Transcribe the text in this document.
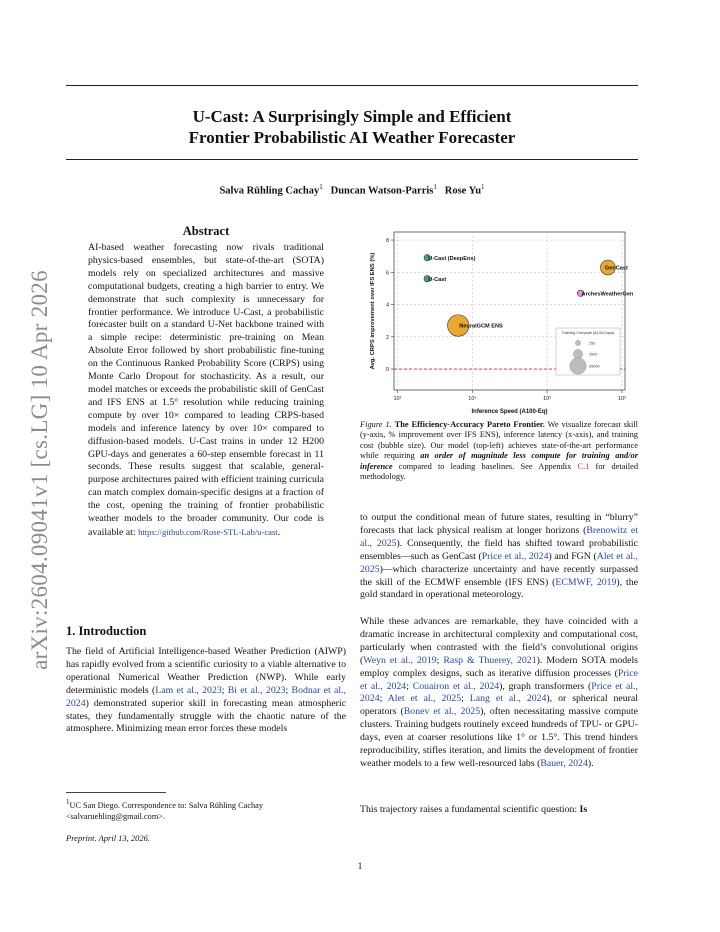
U-Cast: A Surprisingly Simple and Efficient
Frontier Probabilistic AI Weather Forecaster
Salva Rühling Cachay$^1$ Duncan Watson-Parris$^1$ Rose Yu$^1$
arXiv:2604.09041v1 [cs.LG] 10 Apr 2026
Abstract
AI-based weather forecasting now rivals traditional physics-based ensembles, but state-of-the-art (SOTA) models rely on specialized architectures and massive computational budgets, creating a high barrier to entry. We demonstrate that such complexity is unnecessary for frontier performance. We introduce U-Cast, a probabilistic forecaster built on a standard U-Net backbone trained with a simple recipe: deterministic pre-training on Mean Absolute Error followed by short probabilistic fine-tuning on the Continuous Ranked Probability Score (CRPS) using Monte Carlo Dropout for stochasticity. As a result, our model matches or exceeds the probabilistic skill of GenCast and IFS ENS at 1.5° resolution while reducing training compute by over 10× compared to leading CRPS-based models and inference latency by over 10× compared to diffusion-based models. U-Cast trains in under 12 H200 GPU-days and generates a 60-step ensemble forecast in 11 seconds. These results suggest that scalable, general-purpose architectures paired with efficient training curricula can match complex domain-specific designs at a fraction of the cost, opening the training of frontier probabilistic weather models to the broader community. Our code is available at: https://github.com/Rose-STL-Lab/u-cast.
1. Introduction
The field of Artificial Intelligence-based Weather Prediction (AIWP) has rapidly evolved from a scientific curiosity to a viable alternative to operational Numerical Weather Prediction (NWP). While early deterministic models (Lam et al., 2023; Bi et al., 2023; Bodnar et al., 2024) demonstrated superior skill in forecasting mean atmospheric states, they fundamentally struggle with the chaotic nature of the atmosphere. Minimizing mean error forces these models
$^1$UC San Diego. Correspondence to: Salva Rühling Cachay <salvaruehling@gmail.com>.
Preprint. April 13, 2026.
1
10¹	10¹	10²	10³
0
2
4
6
8
Inference Speed (A100-Eq)
Avg. CRPS improvement over IFS ENS (%)	U-Cast (DeepEns)
U-Cast
GenCast
ArchesWeatherGen
NeuralGCM ENS
Training Compute (A100-Days)
250
2500
25000
Figure 1. The Efficiency-Accuracy Pareto Frontier. We visualize forecast skill (y-axis, % improvement over IFS ENS), inference latency (x-axis), and training cost (bubble size). Our model (top-left) achieves state-of-the-art performance while requiring an order of magnitude less compute for training and/or inference compared to leading baselines. See Appendix C.1 for detailed methodology.
to output the conditional mean of future states, resulting in “blurry” forecasts that lack physical realism at longer horizons (Brenowitz et al., 2025). Consequently, the field has shifted toward probabilistic ensembles—such as GenCast (Price et al., 2024) and FGN (Alet et al., 2025)—which characterize uncertainty and have recently surpassed the skill of the ECMWF ensemble (IFS ENS) (ECMWF, 2019), the gold standard in operational meteorology.
While these advances are remarkable, they have coincided with a dramatic increase in architectural complexity and computational cost, particularly when contrasted with the field’s convolutional origins (Weyn et al., 2019; Rasp & Thuerey, 2021). Modern SOTA models employ complex designs, such as iterative diffusion processes (Price et al., 2024; Couairon et al., 2024), graph transformers (Price et al., 2024; Alet et al., 2025; Lang et al., 2024), or spherical neural operators (Bonev et al., 2025), often necessitating massive compute clusters. Training budgets routinely exceed hundreds of TPU- or GPU-days, even at coarser resolutions like 1° or 1.5°. This trend hinders reproducibility, stifles iteration, and limits the development of frontier weather models to a few well-resourced labs (Bauer, 2024).
This trajectory raises a fundamental scientific question: Is
